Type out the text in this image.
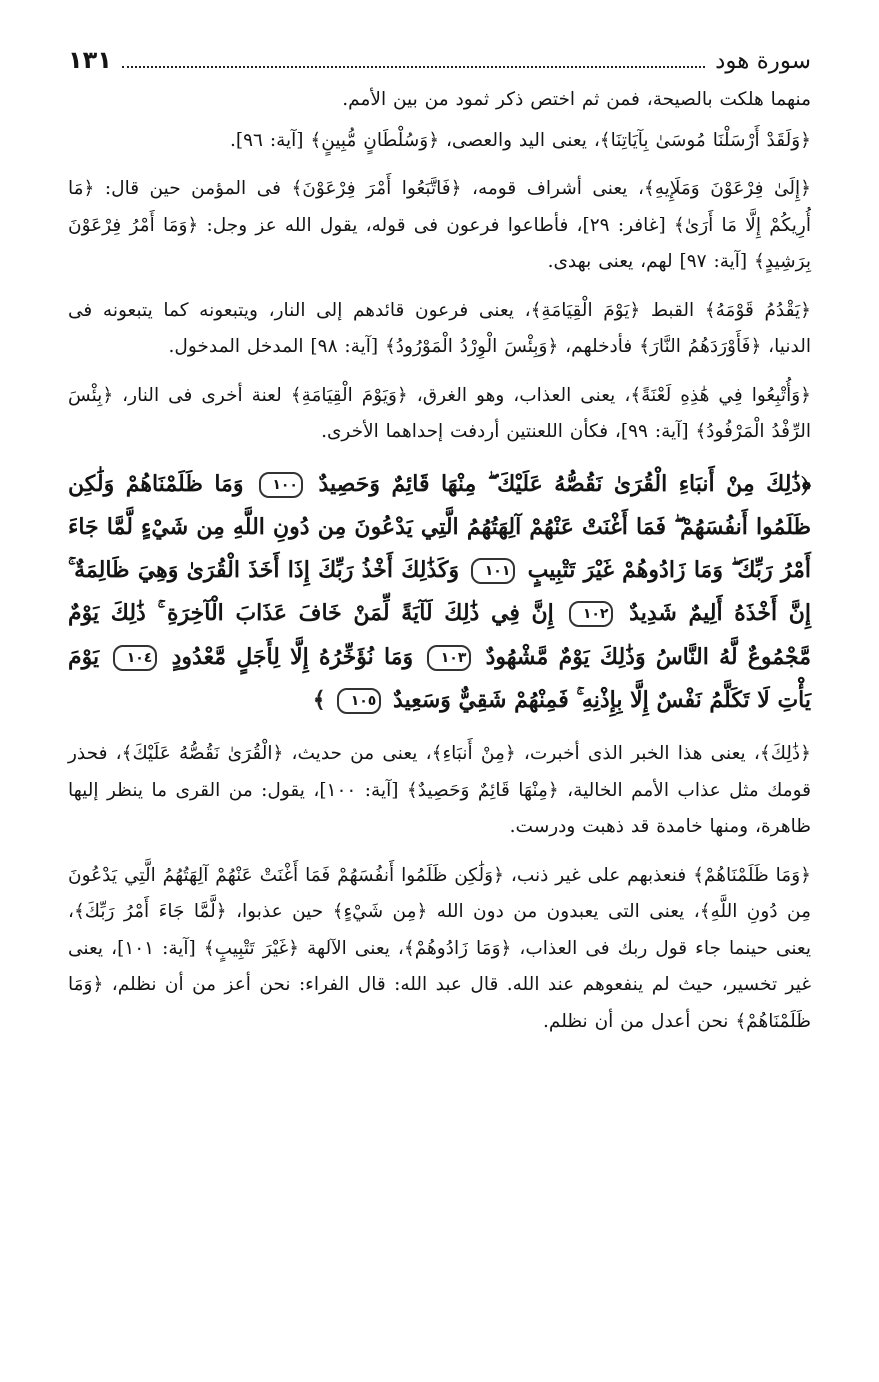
سورة هود
١٣١

منهما هلكت بالصيحة، فمن ثم اختص ذكر ثمود من بين الأمم.

﴿وَلَقَدْ أَرْسَلْنَا مُوسَىٰ بِآيَاتِنَا﴾، يعنى اليد والعصى، ﴿وَسُلْطَانٍ مُّبِينٍ﴾ [آية: ٩٦].

﴿إِلَىٰ فِرْعَوْنَ وَمَلَإِيهِ﴾، يعنى أشراف قومه، ﴿فَاتَّبَعُوا أَمْرَ فِرْعَوْنَ﴾ فى المؤمن حين قال: ﴿مَا أُرِيكُمْ إِلَّا مَا أَرَىٰ﴾ [غافر: ٢٩]، فأطاعوا فرعون فى قوله، يقول الله عز وجل: ﴿وَمَا أَمْرُ فِرْعَوْنَ بِرَشِيدٍ﴾ [آية: ٩٧] لهم، يعنى بهدى.

﴿يَقْدُمُ قَوْمَهُ﴾ القبط ﴿يَوْمَ الْقِيَامَةِ﴾، يعنى فرعون قائدهم إلى النار، ويتبعونه كما يتبعونه فى الدنيا، ﴿فَأَوْرَدَهُمُ النَّارَ﴾ فأدخلهم، ﴿وَبِئْسَ الْوِرْدُ الْمَوْرُودُ﴾ [آية: ٩٨] المدخل المدخول.

﴿وَأُتْبِعُوا فِي هَٰذِهِ لَعْنَةً﴾، يعنى العذاب، وهو الغرق، ﴿وَيَوْمَ الْقِيَامَةِ﴾ لعنة أخرى فى النار، ﴿بِئْسَ الرِّفْدُ الْمَرْفُودُ﴾ [آية: ٩٩]، فكأن اللعنتين أردفت إحداهما الأخرى.

﴿ذَٰلِكَ مِنْ أَنبَاءِ الْقُرَىٰ نَقُصُّهُ عَلَيْكَ ۖ مِنْهَا قَائِمٌ وَحَصِيدٌ ١٠٠ وَمَا ظَلَمْنَاهُمْ وَلَٰكِن ظَلَمُوا أَنفُسَهُمْ ۖ فَمَا أَغْنَتْ عَنْهُمْ آلِهَتُهُمُ الَّتِي يَدْعُونَ مِن دُونِ اللَّهِ مِن شَيْءٍ لَّمَّا جَاءَ أَمْرُ رَبِّكَ ۖ وَمَا زَادُوهُمْ غَيْرَ تَتْبِيبٍ ١٠١ وَكَذَٰلِكَ أَخْذُ رَبِّكَ إِذَا أَخَذَ الْقُرَىٰ وَهِيَ ظَالِمَةٌ ۚ إِنَّ أَخْذَهُ أَلِيمٌ شَدِيدٌ ١٠٢ إِنَّ فِي ذَٰلِكَ لَآيَةً لِّمَنْ خَافَ عَذَابَ الْآخِرَةِ ۚ ذَٰلِكَ يَوْمٌ مَّجْمُوعٌ لَّهُ النَّاسُ وَذَٰلِكَ يَوْمٌ مَّشْهُودٌ ١٠٣ وَمَا نُؤَخِّرُهُ إِلَّا لِأَجَلٍ مَّعْدُودٍ ١٠٤ يَوْمَ يَأْتِ لَا تَكَلَّمُ نَفْسٌ إِلَّا بِإِذْنِهِ ۚ فَمِنْهُمْ شَقِيٌّ وَسَعِيدٌ ١٠٥ ﴾

﴿ذَٰلِكَ﴾، يعنى هذا الخبر الذى أخبرت، ﴿مِنْ أَنبَاءِ﴾، يعنى من حديث، ﴿الْقُرَىٰ نَقُصُّهُ عَلَيْكَ﴾، فحذر قومك مثل عذاب الأمم الخالية، ﴿مِنْهَا قَائِمٌ وَحَصِيدٌ﴾ [آية: ١٠٠]، يقول: من القرى ما ينظر إليها ظاهرة، ومنها خامدة قد ذهبت ودرست.

﴿وَمَا ظَلَمْنَاهُمْ﴾ فنعذبهم على غير ذنب، ﴿وَلَٰكِن ظَلَمُوا أَنفُسَهُمْ فَمَا أَغْنَتْ عَنْهُمْ آلِهَتُهُمُ الَّتِي يَدْعُونَ مِن دُونِ اللَّهِ﴾، يعنى التى يعبدون من دون الله ﴿مِن شَيْءٍ﴾ حين عذبوا، ﴿لَّمَّا جَاءَ أَمْرُ رَبِّكَ﴾، يعنى حينما جاء قول ربك فى العذاب، ﴿وَمَا زَادُوهُمْ﴾، يعنى الآلهة ﴿غَيْرَ تَتْبِيبٍ﴾ [آية: ١٠١]، يعنى غير تخسير، حيث لم ينفعوهم عند الله. قال عبد الله: قال الفراء: نحن أعز من أن نظلم، ﴿وَمَا ظَلَمْنَاهُمْ﴾ نحن أعدل من أن نظلم.
